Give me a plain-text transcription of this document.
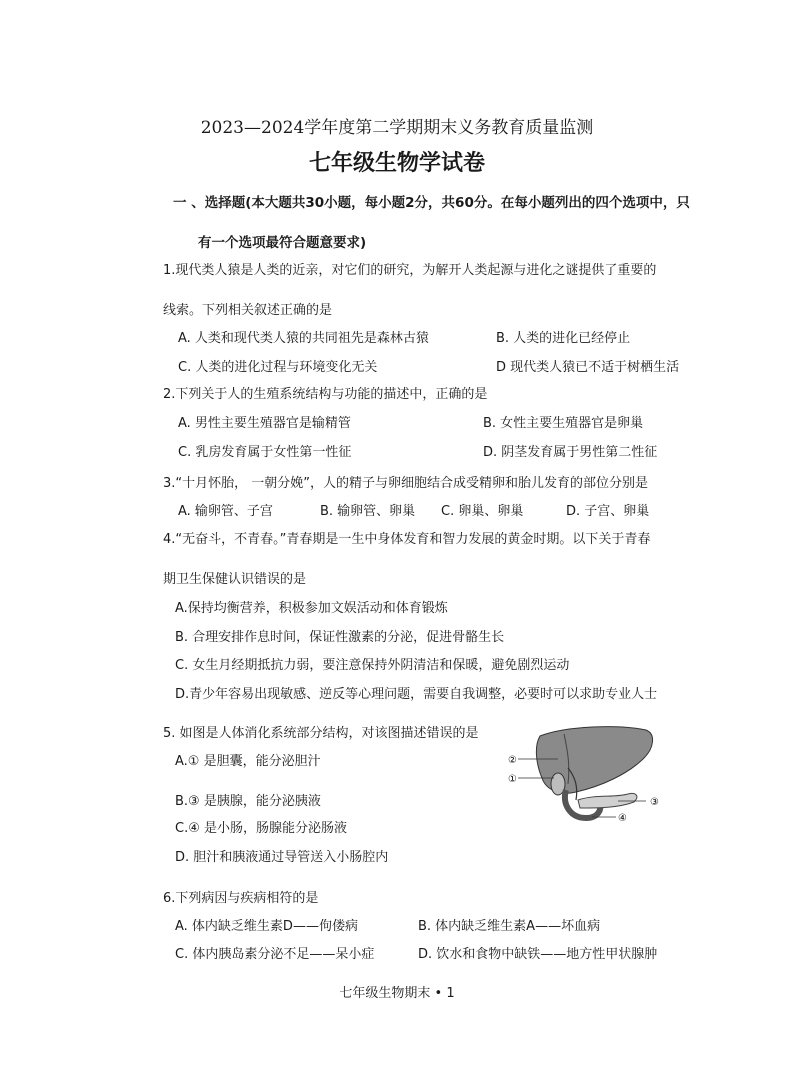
2023—2024学年度第二学期期末义务教育质量监测
七年级生物学试卷
一 、选择题(本大题共30小题，每小题2分，共60分。在每小题列出的四个选项中，只
有一个选项最符合题意要求)
1.现代类人猿是人类的近亲，对它们的研究，为解开人类起源与进化之谜提供了重要的
线索。下列相关叙述正确的是
A. 人类和现代类人猿的共同祖先是森林古猿	B. 人类的进化已经停止
C. 人类的进化过程与环境变化无关	D 现代类人猿已不适于树栖生活
2.下列关于人的生殖系统结构与功能的描述中，正确的是
A. 男性主要生殖器官是输精管	B. 女性主要生殖器官是卵巢
C. 乳房发育属于女性第一性征	D. 阴茎发育属于男性第二性征
3.“十月怀胎， 一朝分娩”，人的精子与卵细胞结合成受精卵和胎儿发育的部位分别是
A. 输卵管、子宫	B. 输卵管、卵巢 C. 卵巢、卵巢	D. 子宫、卵巢
4.“无奋斗，不青春。”青春期是一生中身体发育和智力发展的黄金时期。以下关于青春
期卫生保健认识错误的是
A.保持均衡营养，积极参加文娱活动和体育锻炼
B. 合理安排作息时间，保证性激素的分泌，促进骨骼生长
C. 女生月经期抵抗力弱，要注意保持外阴清洁和保暖，避免剧烈运动
D.青少年容易出现敏感、逆反等心理问题，需要自我调整，必要时可以求助专业人士
5. 如图是人体消化系统部分结构，对该图描述错误的是
A.① 是胆囊，能分泌胆汁
B.③ 是胰腺，能分泌胰液
C.④ 是小肠，肠腺能分泌肠液
D. 胆汁和胰液通过导管送入小肠腔内
②
①
③
④
6.下列病因与疾病相符的是
A. 体内缺乏维生素D——佝偻病	B. 体内缺乏维生素A——坏血病
C. 体内胰岛素分泌不足——呆小症	D. 饮水和食物中缺铁——地方性甲状腺肿
七年级生物期末 • 1
